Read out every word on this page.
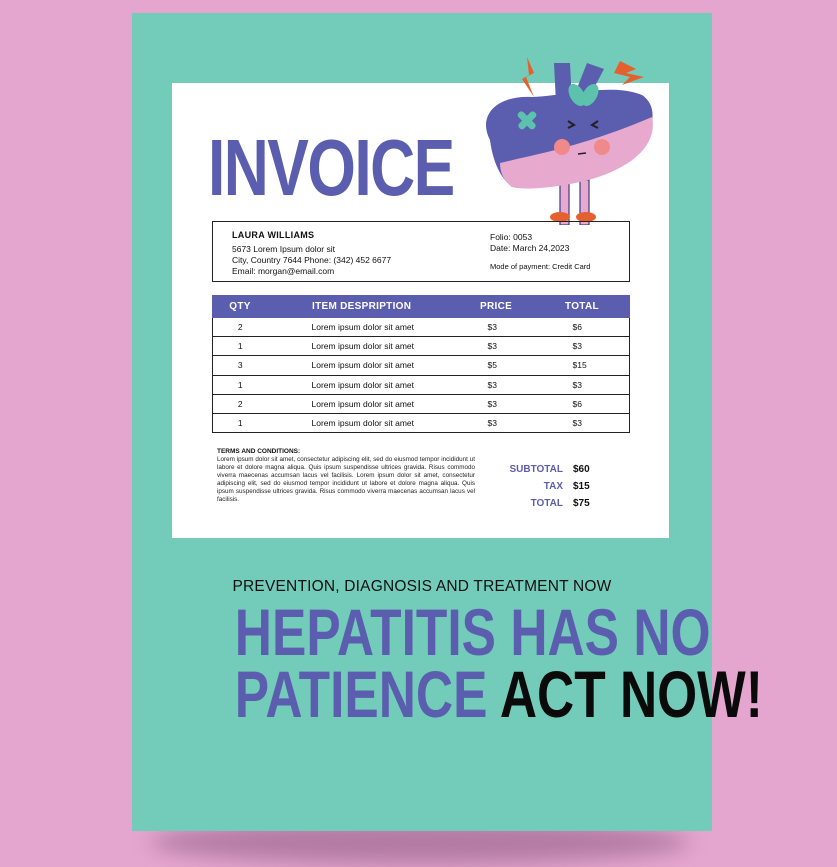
INVOICE
LAURA WILLIAMS
5673 Lorem Ipsum dolor sit
City, Country 7644 Phone: (342) 452 6677
Email: morgan@email.com
Folio: 0053
Date: March 24,2023
Mode of payment: Credit Card
QTY	ITEM DESPRIPTION	PRICE	TOTAL
2	Lorem ipsum dolor sit amet	$3	$6
1	Lorem ipsum dolor sit amet	$3	$3
3	Lorem ipsum dolor sit amet	$5	$15
1	Lorem ipsum dolor sit amet	$3	$3
2	Lorem ipsum dolor sit amet	$3	$6
1	Lorem ipsum dolor sit amet	$3	$3
TERMS AND CONDITIONS:
Lorem ipsum dolor sit amet, consectetur adipiscing elit, sed do eiusmod tempor incididunt ut labore et dolore magna aliqua. Quis ipsum suspendisse ultrices gravida. Risus commodo viverra maecenas accumsan lacus vel facilisis. Lorem ipsum dolor sit amet, consectetur adipiscing elit, sed do eiusmod tempor incididunt ut labore et dolore magna aliqua. Quis ipsum suspendisse ultrices gravida. Risus commodo viverra maecenas accumsan lacus vel facilisis.
SUBTOTAL $60
TAX $15
TOTAL $75
PREVENTION, DIAGNOSIS AND TREATMENT NOW
HEPATITIS HAS NO
PATIENCE ACT NOW!
